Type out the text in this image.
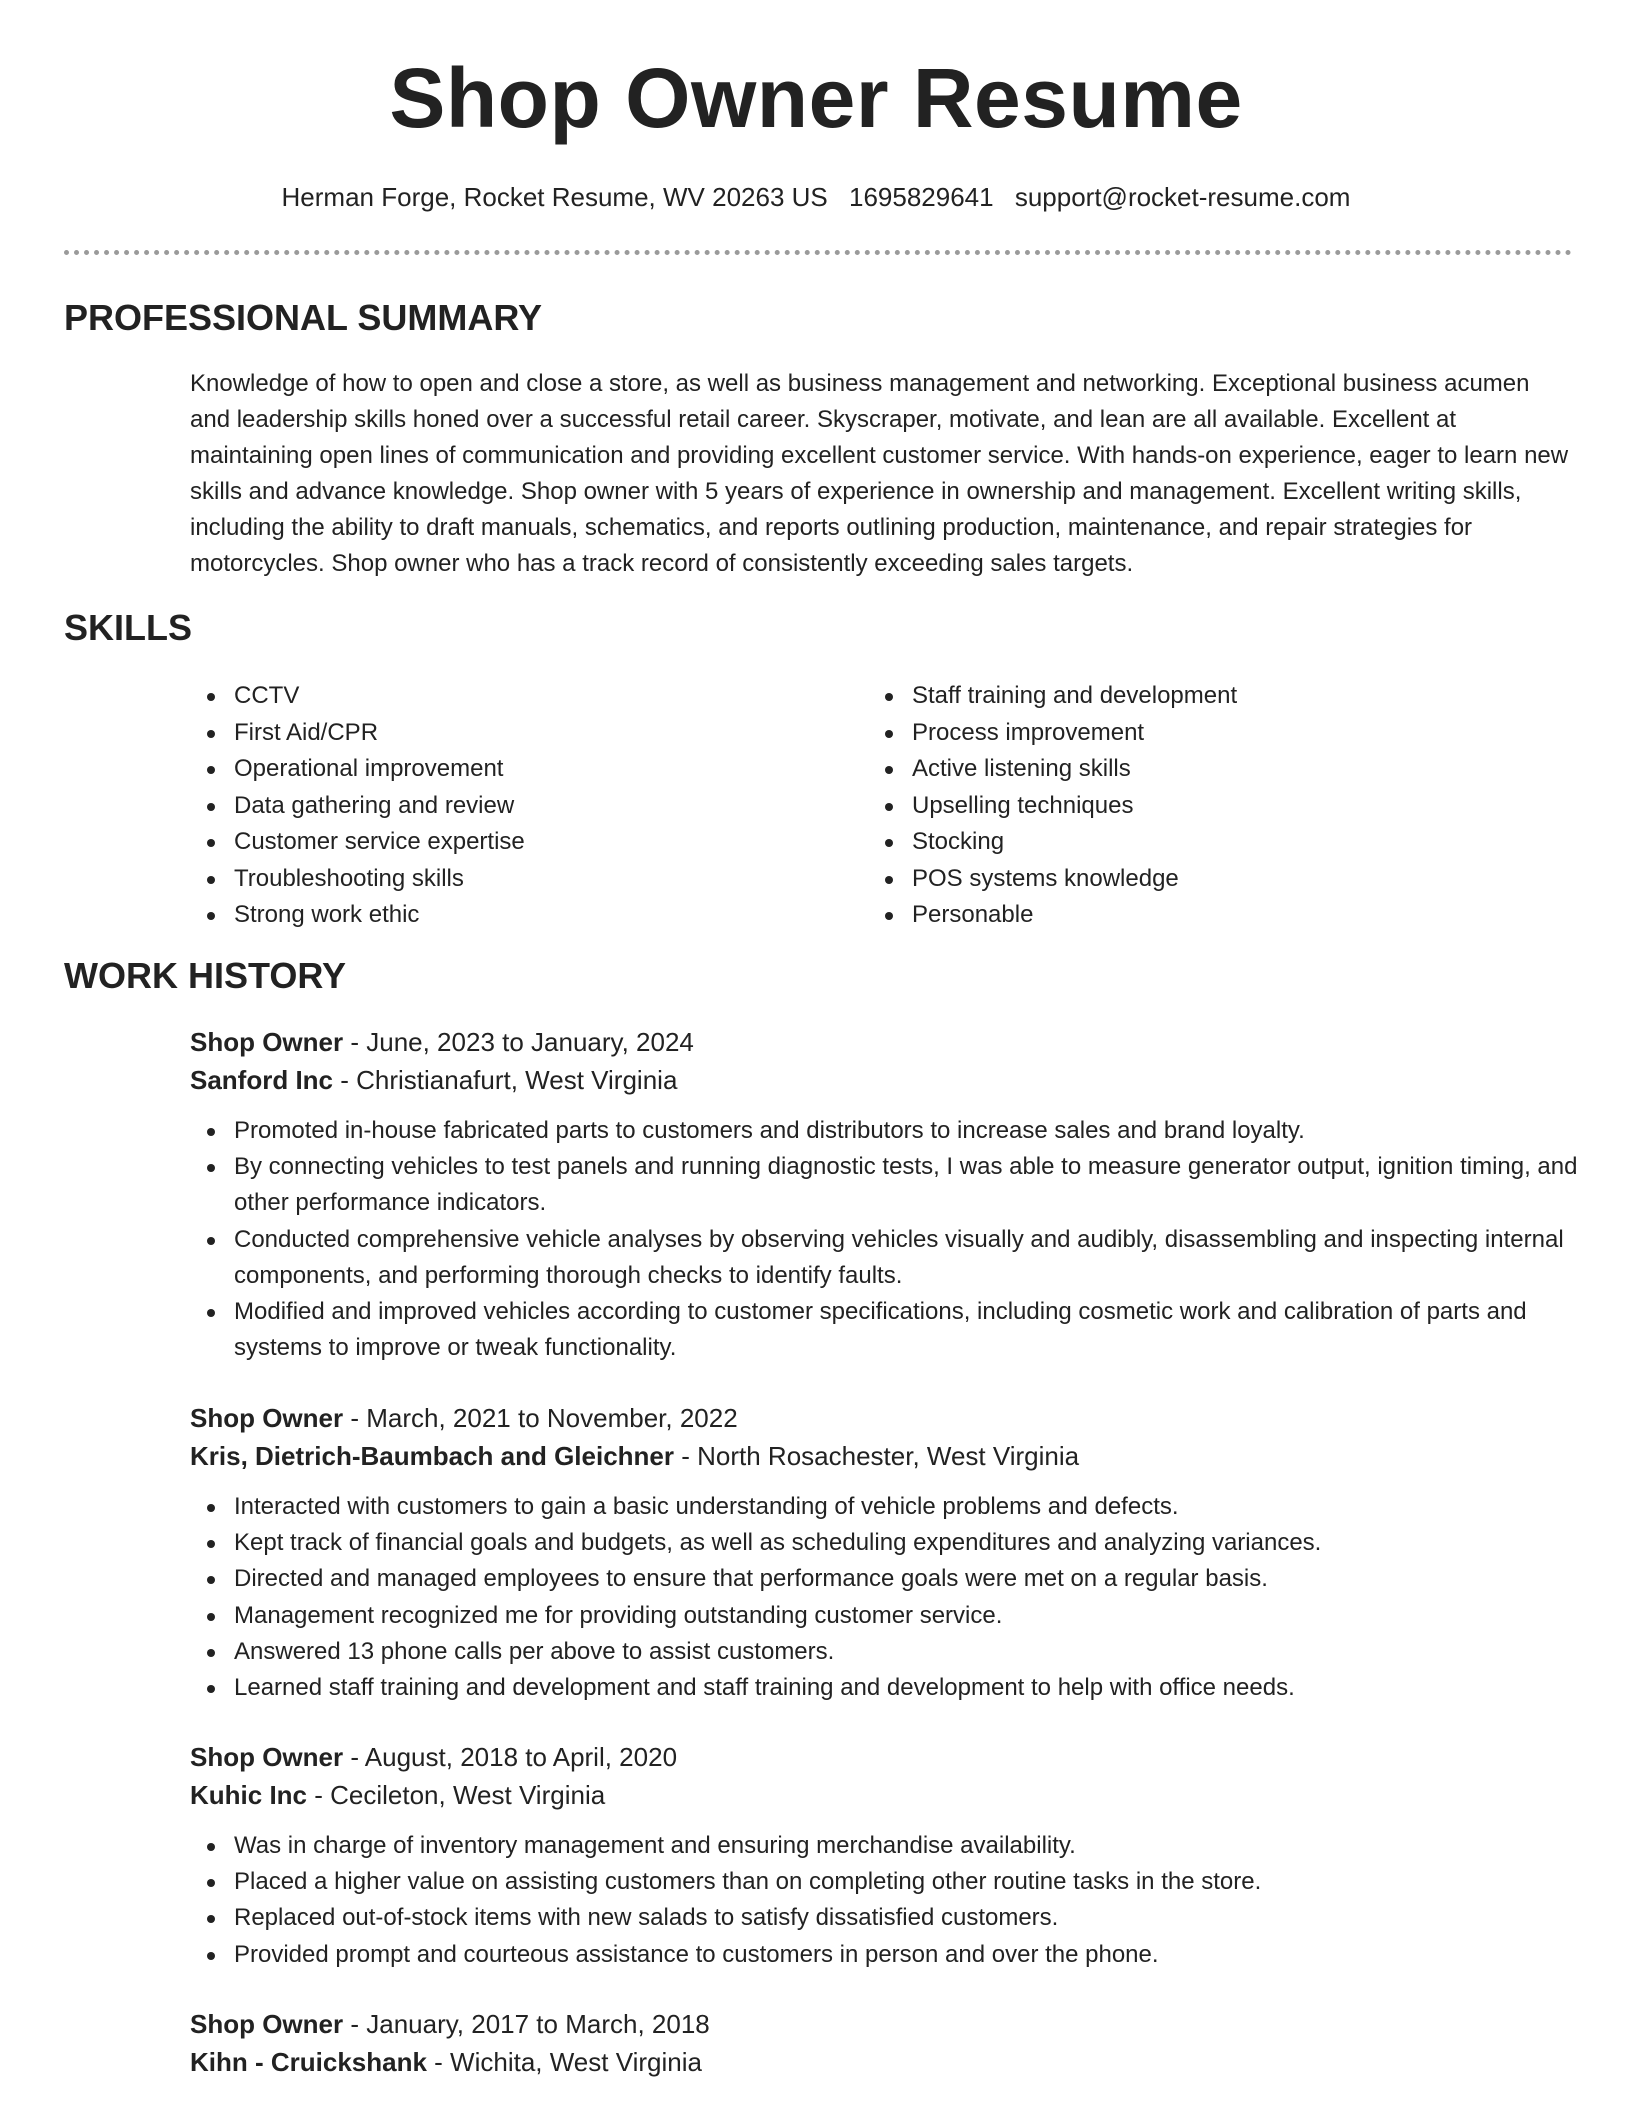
Shop Owner Resume
Herman Forge, Rocket Resume, WV 20263 US 1695829641 support@rocket-resume.com
PROFESSIONAL SUMMARY

Knowledge of how to open and close a store, as well as business management and networking. Exceptional business acumen and leadership skills honed over a successful retail career. Skyscraper, motivate, and lean are all available. Excellent at maintaining open lines of communication and providing excellent customer service. With hands-on experience, eager to learn new skills and advance knowledge. Shop owner with 5 years of experience in ownership and management. Excellent writing skills, including the ability to draft manuals, schematics, and reports outlining production, maintenance, and repair strategies for motorcycles. Shop owner who has a track record of consistently exceeding sales targets.

SKILLS
CCTV
First Aid/CPR
Operational improvement
Data gathering and review
Customer service expertise
Troubleshooting skills
Strong work ethic
Staff training and development
Process improvement
Active listening skills
Upselling techniques
Stocking
POS systems knowledge
Personable
WORK HISTORY
Shop Owner - June, 2023 to January, 2024
Sanford Inc - Christianafurt, West Virginia
Promoted in-house fabricated parts to customers and distributors to increase sales and brand loyalty.
By connecting vehicles to test panels and running diagnostic tests, I was able to measure generator output, ignition timing, and other performance indicators.
Conducted comprehensive vehicle analyses by observing vehicles visually and audibly, disassembling and inspecting internal components, and performing thorough checks to identify faults.
Modified and improved vehicles according to customer specifications, including cosmetic work and calibration of parts and systems to improve or tweak functionality.
Shop Owner - March, 2021 to November, 2022
Kris, Dietrich-Baumbach and Gleichner - North Rosachester, West Virginia
Interacted with customers to gain a basic understanding of vehicle problems and defects.
Kept track of financial goals and budgets, as well as scheduling expenditures and analyzing variances.
Directed and managed employees to ensure that performance goals were met on a regular basis.
Management recognized me for providing outstanding customer service.
Answered 13 phone calls per above to assist customers.
Learned staff training and development and staff training and development to help with office needs.
Shop Owner - August, 2018 to April, 2020
Kuhic Inc - Cecileton, West Virginia
Was in charge of inventory management and ensuring merchandise availability.
Placed a higher value on assisting customers than on completing other routine tasks in the store.
Replaced out-of-stock items with new salads to satisfy dissatisfied customers.
Provided prompt and courteous assistance to customers in person and over the phone.
Shop Owner - January, 2017 to March, 2018
Kihn - Cruickshank - Wichita, West Virginia
